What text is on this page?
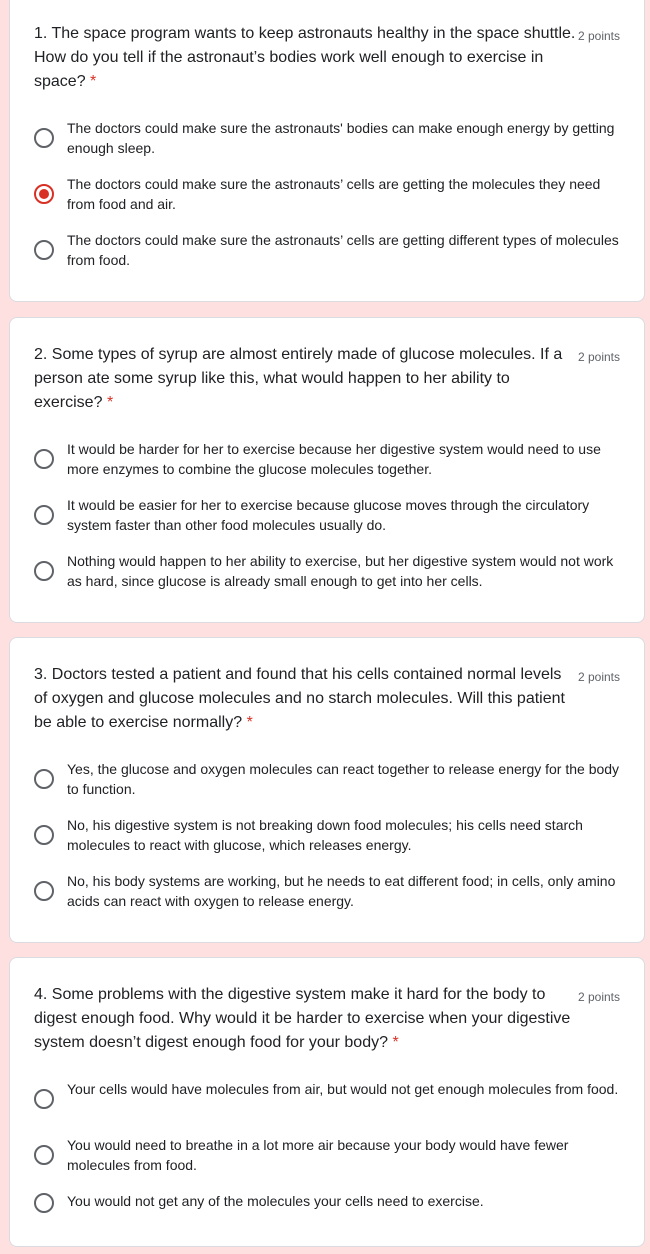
1. The space program wants to keep astronauts healthy in the space shuttle. How do you tell if the astronaut’s bodies work well enough to exercise in space? *
2 points
The doctors could make sure the astronauts' bodies can make enough energy by getting enough sleep.
The doctors could make sure the astronauts’ cells are getting the molecules they need from food and air.
The doctors could make sure the astronauts’ cells are getting different types of molecules from food.
2. Some types of syrup are almost entirely made of glucose molecules. If a person ate some syrup like this, what would happen to her ability to exercise? *
2 points
It would be harder for her to exercise because her digestive system would need to use more enzymes to combine the glucose molecules together.
It would be easier for her to exercise because glucose moves through the circulatory system faster than other food molecules usually do.
Nothing would happen to her ability to exercise, but her digestive system would not work as hard, since glucose is already small enough to get into her cells.
3. Doctors tested a patient and found that his cells contained normal levels of oxygen and glucose molecules and no starch molecules. Will this patient be able to exercise normally? *
2 points
Yes, the glucose and oxygen molecules can react together to release energy for the body to function.
No, his digestive system is not breaking down food molecules; his cells need starch molecules to react with glucose, which releases energy.
No, his body systems are working, but he needs to eat different food; in cells, only amino acids can react with oxygen to release energy.
4. Some problems with the digestive system make it hard for the body to digest enough food. Why would it be harder to exercise when your digestive system doesn’t digest enough food for your body? *
2 points
Your cells would have molecules from air, but would not get enough molecules from food.
You would need to breathe in a lot more air because your body would have fewer molecules from food.
You would not get any of the molecules your cells need to exercise.
